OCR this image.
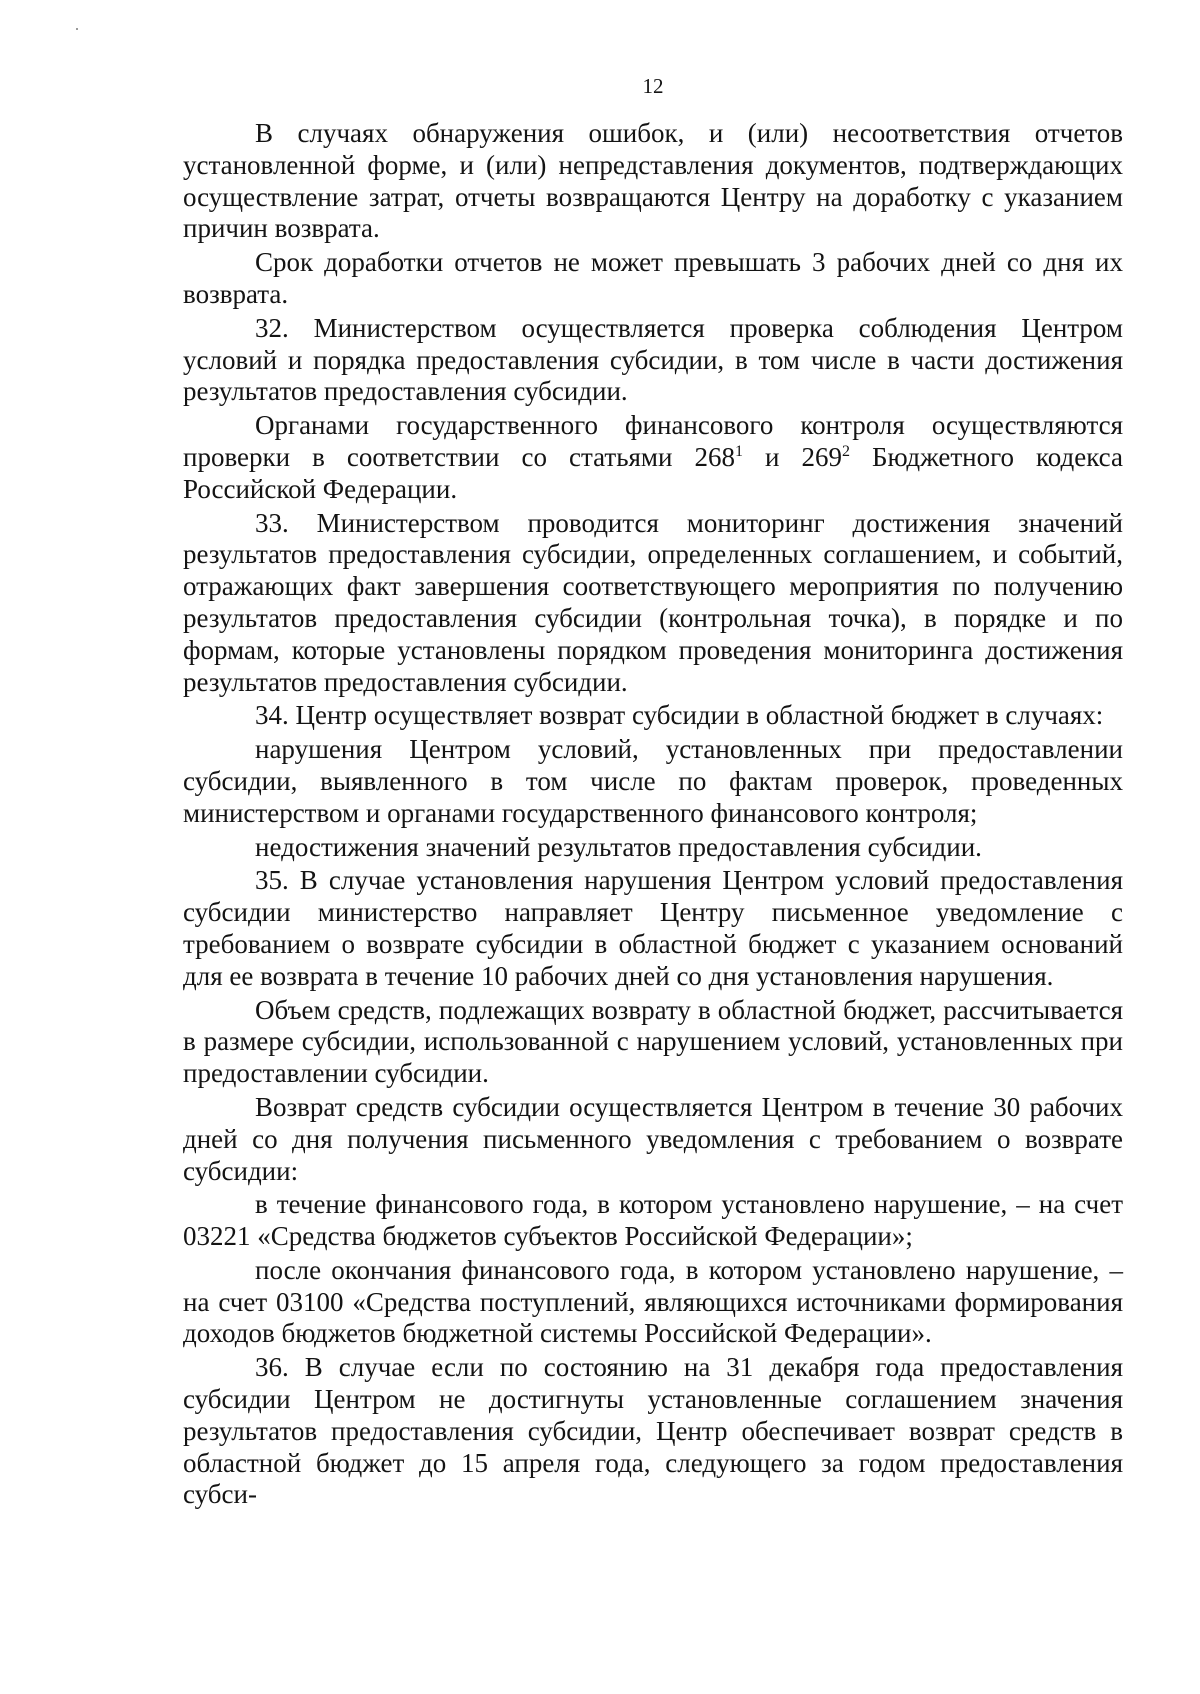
12

В случаях обнаружения ошибок, и (или) несоответствия отчетов установленной форме, и (или) непредставления документов, подтверждающих осуществление затрат, отчеты возвращаются Центру на доработку с указанием причин возврата.

Срок доработки отчетов не может превышать 3 рабочих дней со дня их возврата.

32. Министерством осуществляется проверка соблюдения Центром условий и порядка предоставления субсидии, в том числе в части достижения результатов предоставления субсидии.

Органами государственного финансового контроля осуществляются проверки в соответствии со статьями $268^1$ и $269^2$ Бюджетного кодекса Российской Федерации.

33. Министерством проводится мониторинг достижения значений результатов предоставления субсидии, определенных соглашением, и событий, отражающих факт завершения соответствующего мероприятия по получению результатов предоставления субсидии (контрольная точка), в порядке и по формам, которые установлены порядком проведения мониторинга достижения результатов предоставления субсидии.

34. Центр осуществляет возврат субсидии в областной бюджет в случаях:

нарушения Центром условий, установленных при предоставлении субсидии, выявленного в том числе по фактам проверок, проведенных министерством и органами государственного финансового контроля;

недостижения значений результатов предоставления субсидии.

35. В случае установления нарушения Центром условий предоставления субсидии министерство направляет Центру письменное уведомление с требованием о возврате субсидии в областной бюджет с указанием оснований для ее возврата в течение 10 рабочих дней со дня установления нарушения.

Объем средств, подлежащих возврату в областной бюджет, рассчитывается в размере субсидии, использованной с нарушением условий, установленных при предоставлении субсидии.

Возврат средств субсидии осуществляется Центром в течение 30 рабочих дней со дня получения письменного уведомления с требованием о возврате субсидии:

в течение финансового года, в котором установлено нарушение, – на счет 03221 «Средства бюджетов субъектов Российской Федерации»;

после окончания финансового года, в котором установлено нарушение, – на счет 03100 «Средства поступлений, являющихся источниками формирования доходов бюджетов бюджетной системы Российской Федерации».

36. В случае если по состоянию на 31 декабря года предоставления субсидии Центром не достигнуты установленные соглашением значения результатов предоставления субсидии, Центр обеспечивает возврат средств в областной бюджет до 15 апреля года, следующего за годом предоставления субси-
